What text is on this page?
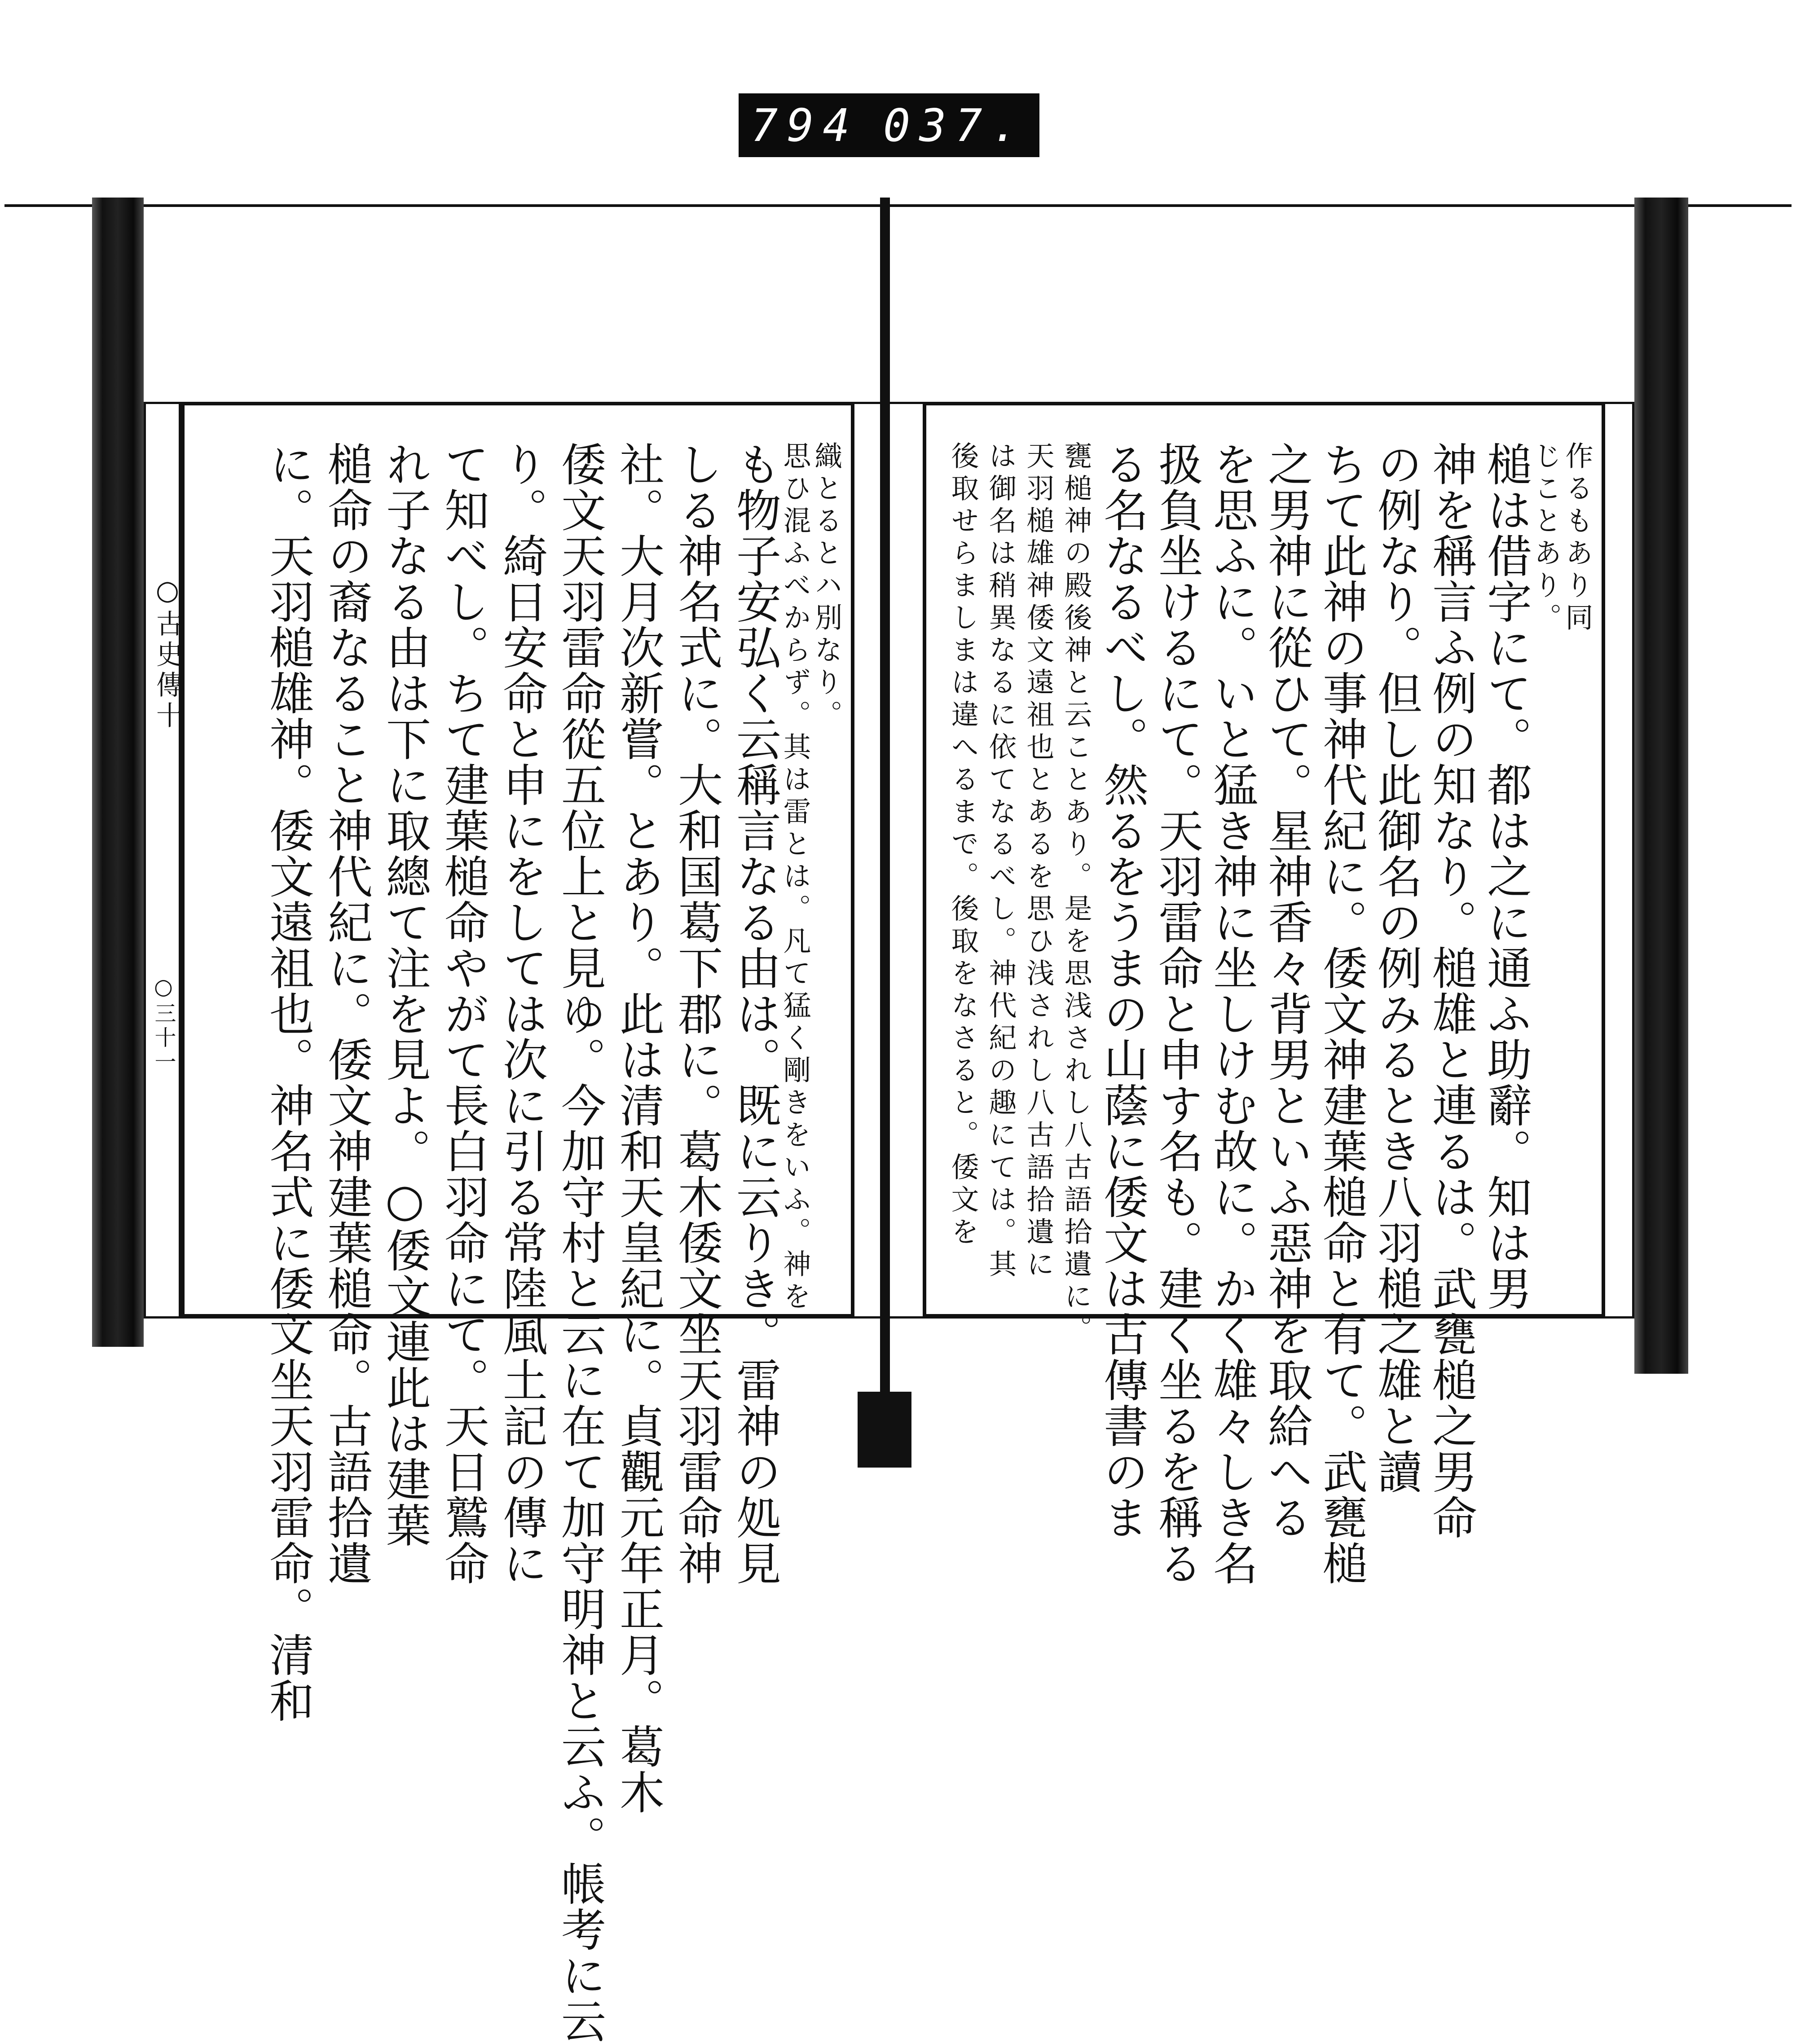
794 037.
○古史傳十
○三十一
織とるとハ別なり。
思ひ混ふべからず。其は雷とは。凡て猛く剛きをいふ。神を
も物子安弘く云稱言なる由は。既に云りき。雷神の処見
しる神名式に。大和国葛下郡に。葛木倭文坐天羽雷命神
社。大月次新嘗。とあり。此は清和天皇紀に。貞觀元年正月。葛木
倭文天羽雷命從五位上と見ゆ。今加守村と云に在て加守明神と云ふ。帳考に云
り。綺日安命と申にをしては次に引る常陸風土記の傳に
て知べし。ちて建葉槌命やがて長白羽命にて。天日鷲命
れ子なる由は下に取總て注を見よ。○倭文連此は建葉
槌命の裔なること神代紀に。倭文神建葉槌命。古語拾遺
に。天羽槌雄神。倭文遠祖也。神名式に倭文坐天羽雷命。清和	作るもあり同
じことあり。
槌は借字にて。都は之に通ふ助辭。知は男
神を稱言ふ例の知なり。槌雄と連るは。武甕槌之男命
の例なり。但し此御名の例みるとき八羽槌之雄と讀
ちて此神の事神代紀に。倭文神建葉槌命と有て。武甕槌
之男神に從ひて。星神香々背男といふ惡神を取給へる
を思ふに。いと猛き神に坐しけむ故に。かく雄々しき名
扱負坐けるにて。天羽雷命と申す名も。建く坐るを稱る
る名なるべし。然るをうまの山蔭に倭文は古傳書のま
甕槌神の殿後神と云ことあり。是を思浅されし八古語拾遺に。
天羽槌雄神倭文遠祖也とあるを思ひ浅されし八古語拾遺に
は御名は稍異なるに依てなるべし。神代紀の趣にては。其
後取せらましまは違へるまで。後取をなさると。倭文を
